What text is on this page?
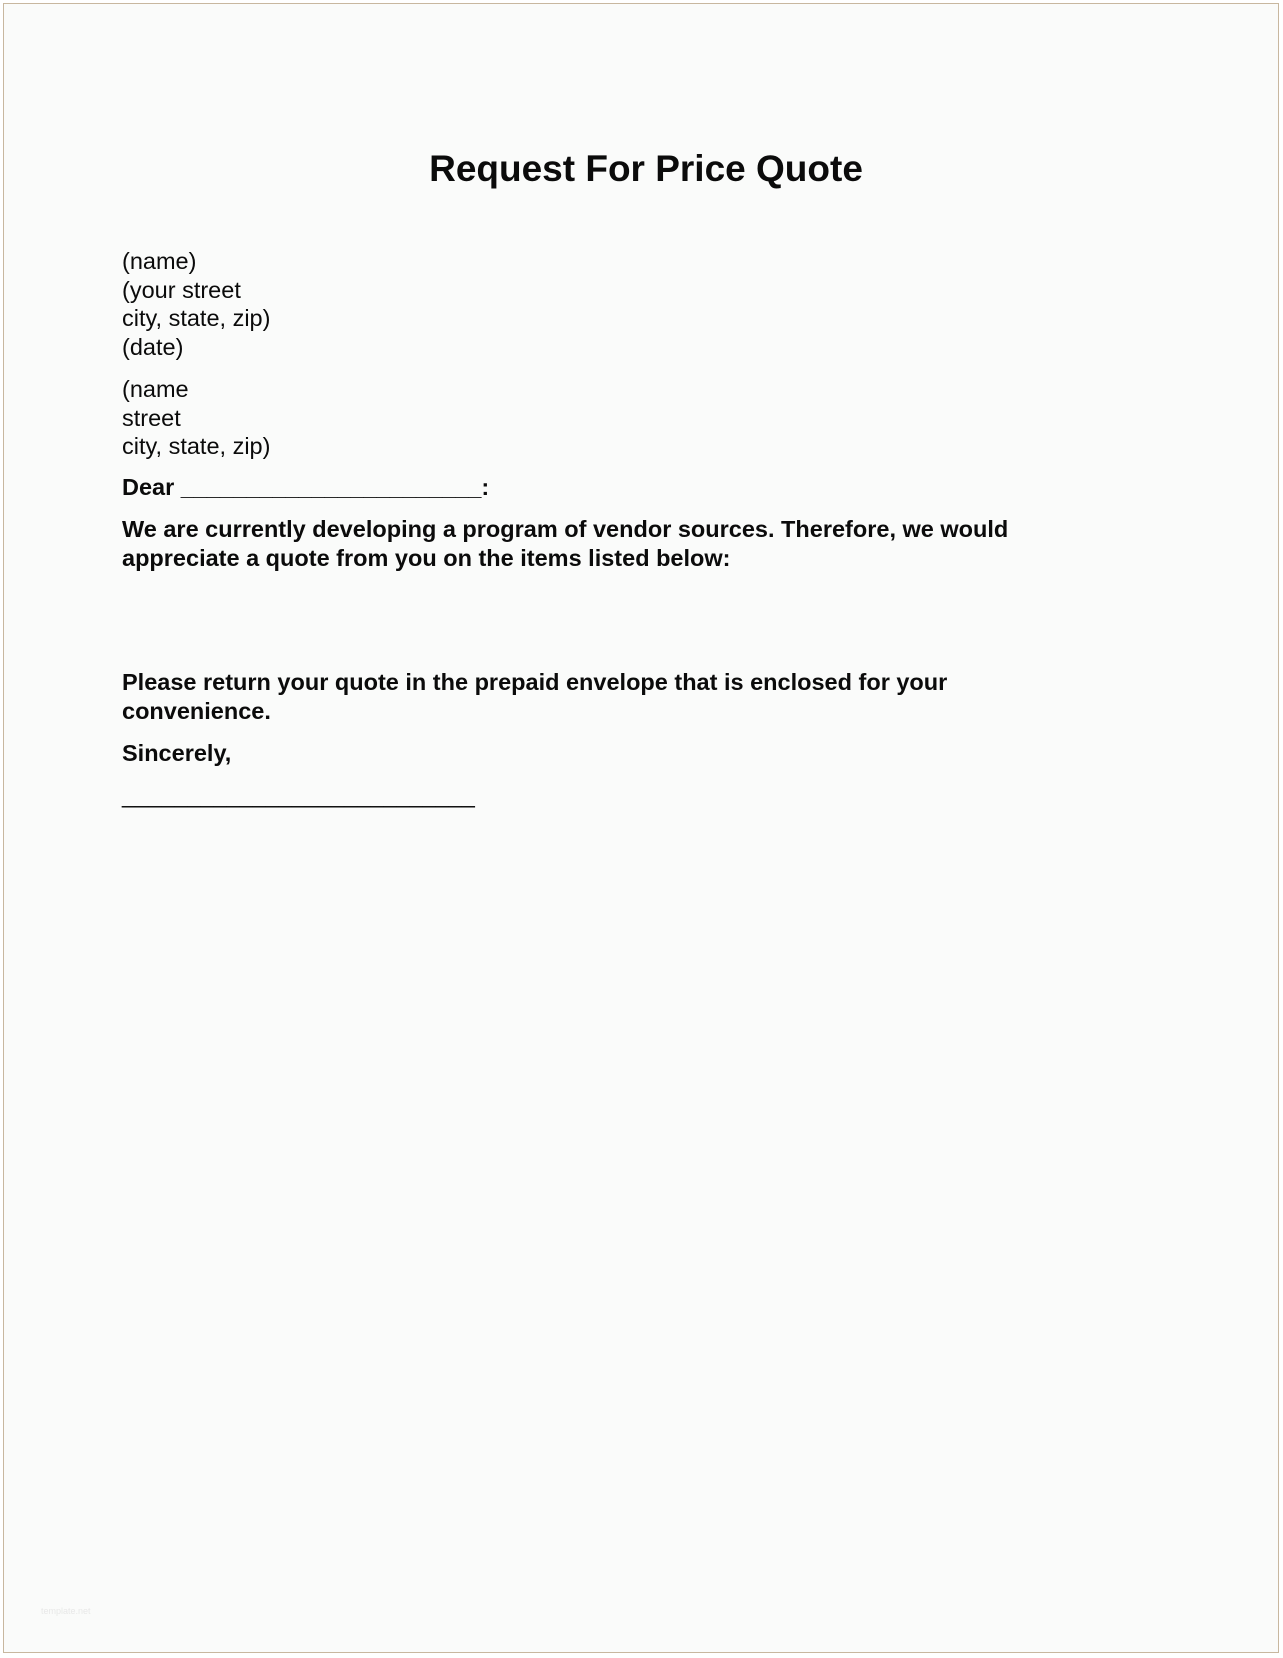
Request For Price Quote
(name)
(your street
city, state, zip)
(date)
(name
street
city, state, zip)
Dear _______________________:
We are currently developing a program of vendor sources. Therefore, we would
appreciate a quote from you on the items listed below:
Please return your quote in the prepaid envelope that is enclosed for your
convenience.
Sincerely,
___________________________
template.net
